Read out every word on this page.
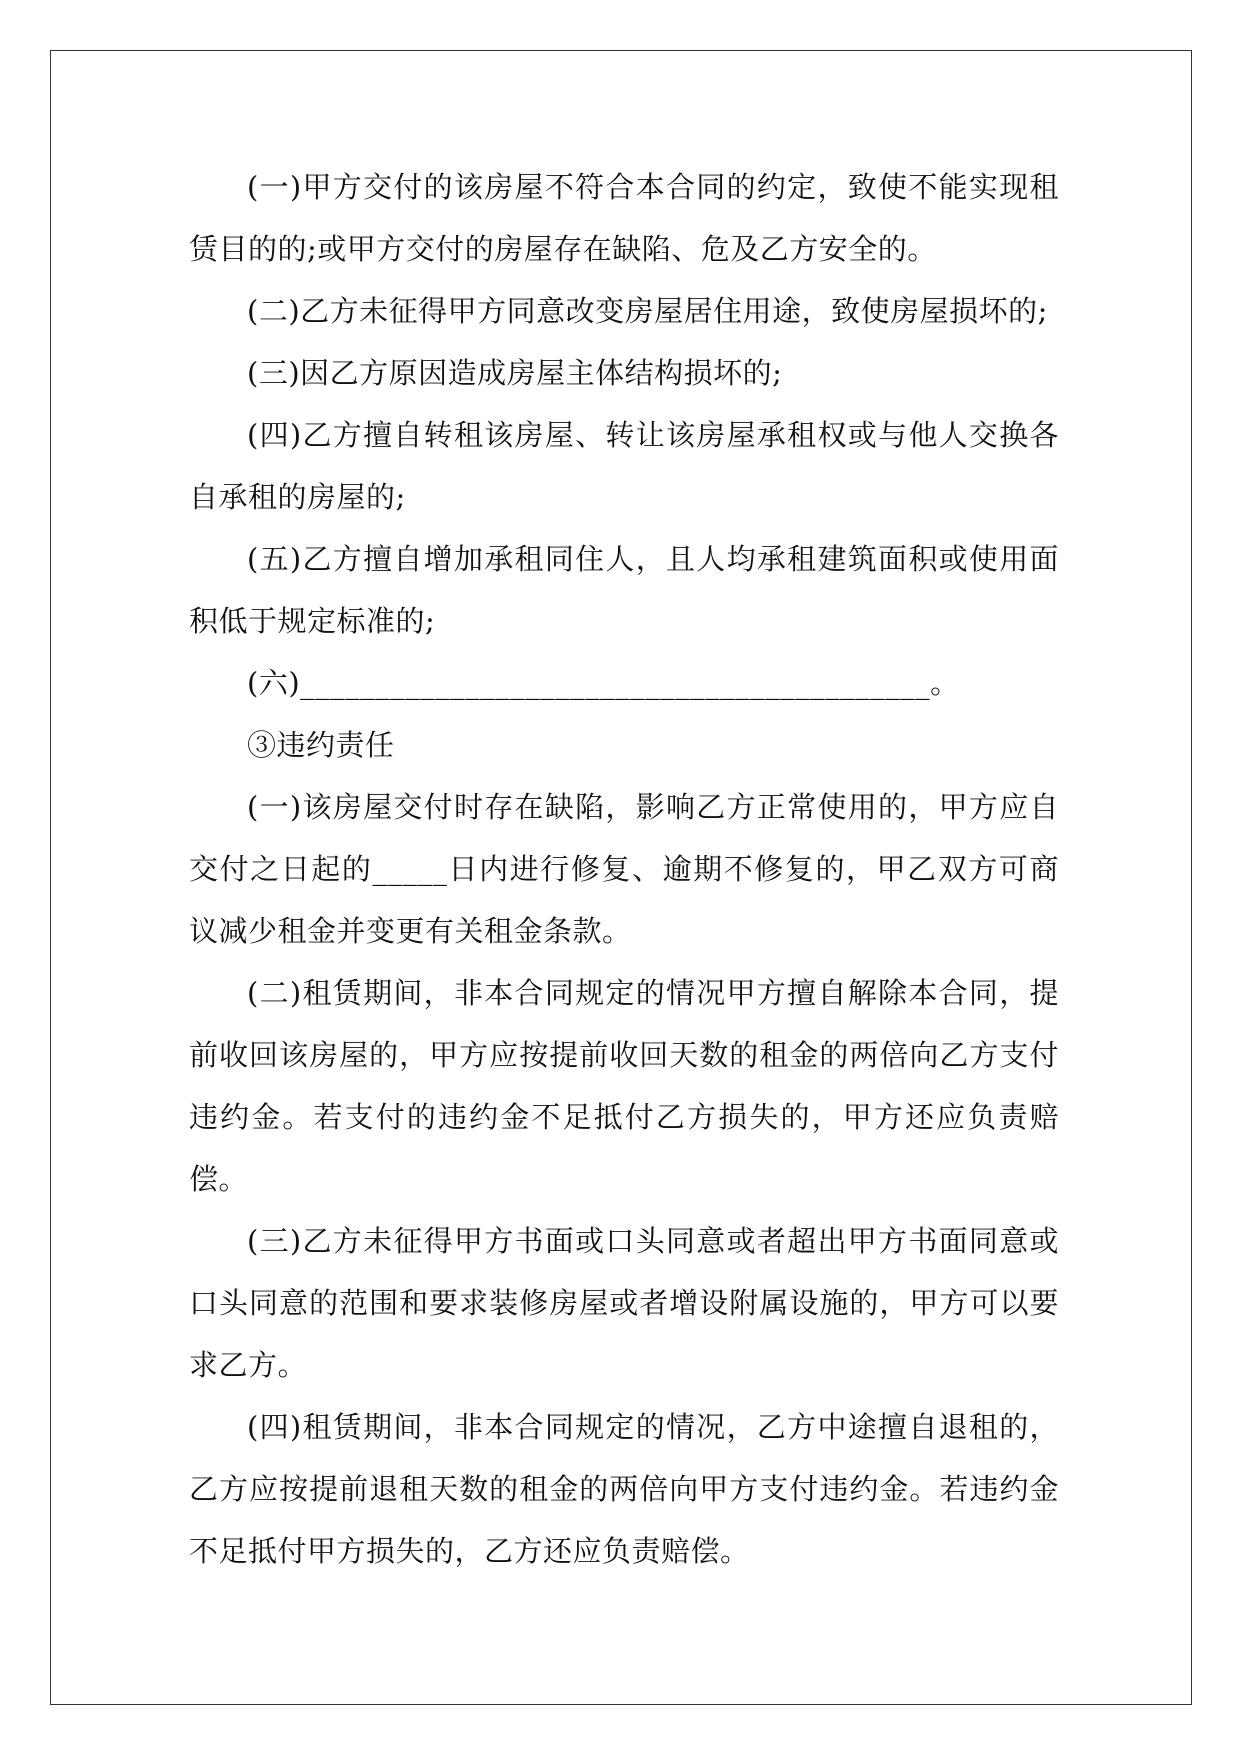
(一)甲方交付的该房屋不符合本合同的约定，致使不能实现租赁目的的;或甲方交付的房屋存在缺陷、危及乙方安全的。

(二)乙方未征得甲方同意改变房屋居住用途，致使房屋损坏的;

(三)因乙方原因造成房屋主体结构损坏的;

(四)乙方擅自转租该房屋、转让该房屋承租权或与他人交换各自承租的房屋的;

(五)乙方擅自增加承租同住人，且人均承租建筑面积或使用面积低于规定标准的;

(六)__________________________________________。

③违约责任

(一)该房屋交付时存在缺陷，影响乙方正常使用的，甲方应自交付之日起的_____日内进行修复、逾期不修复的，甲乙双方可商议减少租金并变更有关租金条款。

(二)租赁期间，非本合同规定的情况甲方擅自解除本合同，提前收回该房屋的，甲方应按提前收回天数的租金的两倍向乙方支付违约金。若支付的违约金不足抵付乙方损失的，甲方还应负责赔偿。

(三)乙方未征得甲方书面或口头同意或者超出甲方书面同意或口头同意的范围和要求装修房屋或者增设附属设施的，甲方可以要求乙方。

(四)租赁期间，非本合同规定的情况，乙方中途擅自退租的，乙方应按提前退租天数的租金的两倍向甲方支付违约金。若违约金不足抵付甲方损失的，乙方还应负责赔偿。
